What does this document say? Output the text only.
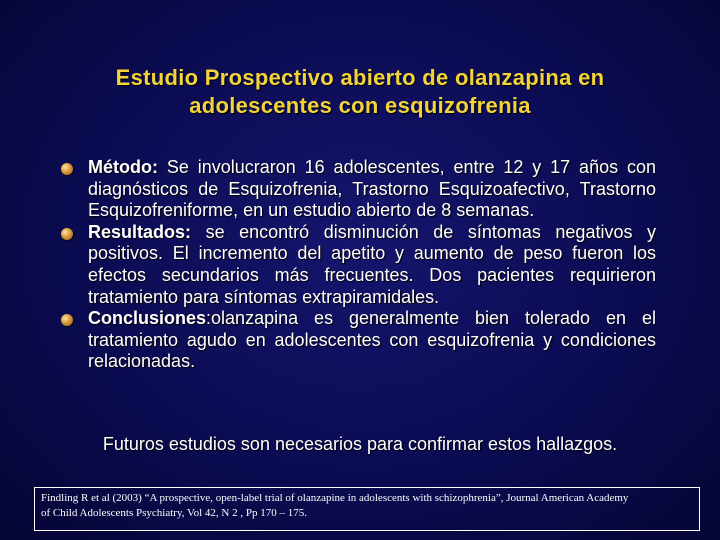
Estudio Prospectivo abierto de olanzapina en
adolescentes con esquizofrenia
Método: Se involucraron 16 adolescentes, entre 12 y 17 años con diagnósticos de Esquizofrenia, Trastorno Esquizoafectivo, Trastorno Esquizofreniforme, en un estudio abierto de 8 semanas.
Resultados: se encontró disminución de síntomas negativos y positivos. El incremento del apetito y aumento de peso fueron los efectos secundarios más frecuentes. Dos pacientes requirieron tratamiento para síntomas extrapiramidales.
Conclusiones:olanzapina es generalmente bien tolerado en el tratamiento agudo en adolescentes con esquizofrenia y condiciones relacionadas.
Futuros estudios son necesarios para confirmar estos hallazgos.
Findling R et al (2003) “A prospective, open-label trial of olanzapine in adolescents with schizophrenia”, Journal American Academy
of Child Adolescents Psychiatry, Vol 42, N 2 , Pp 170 – 175.
